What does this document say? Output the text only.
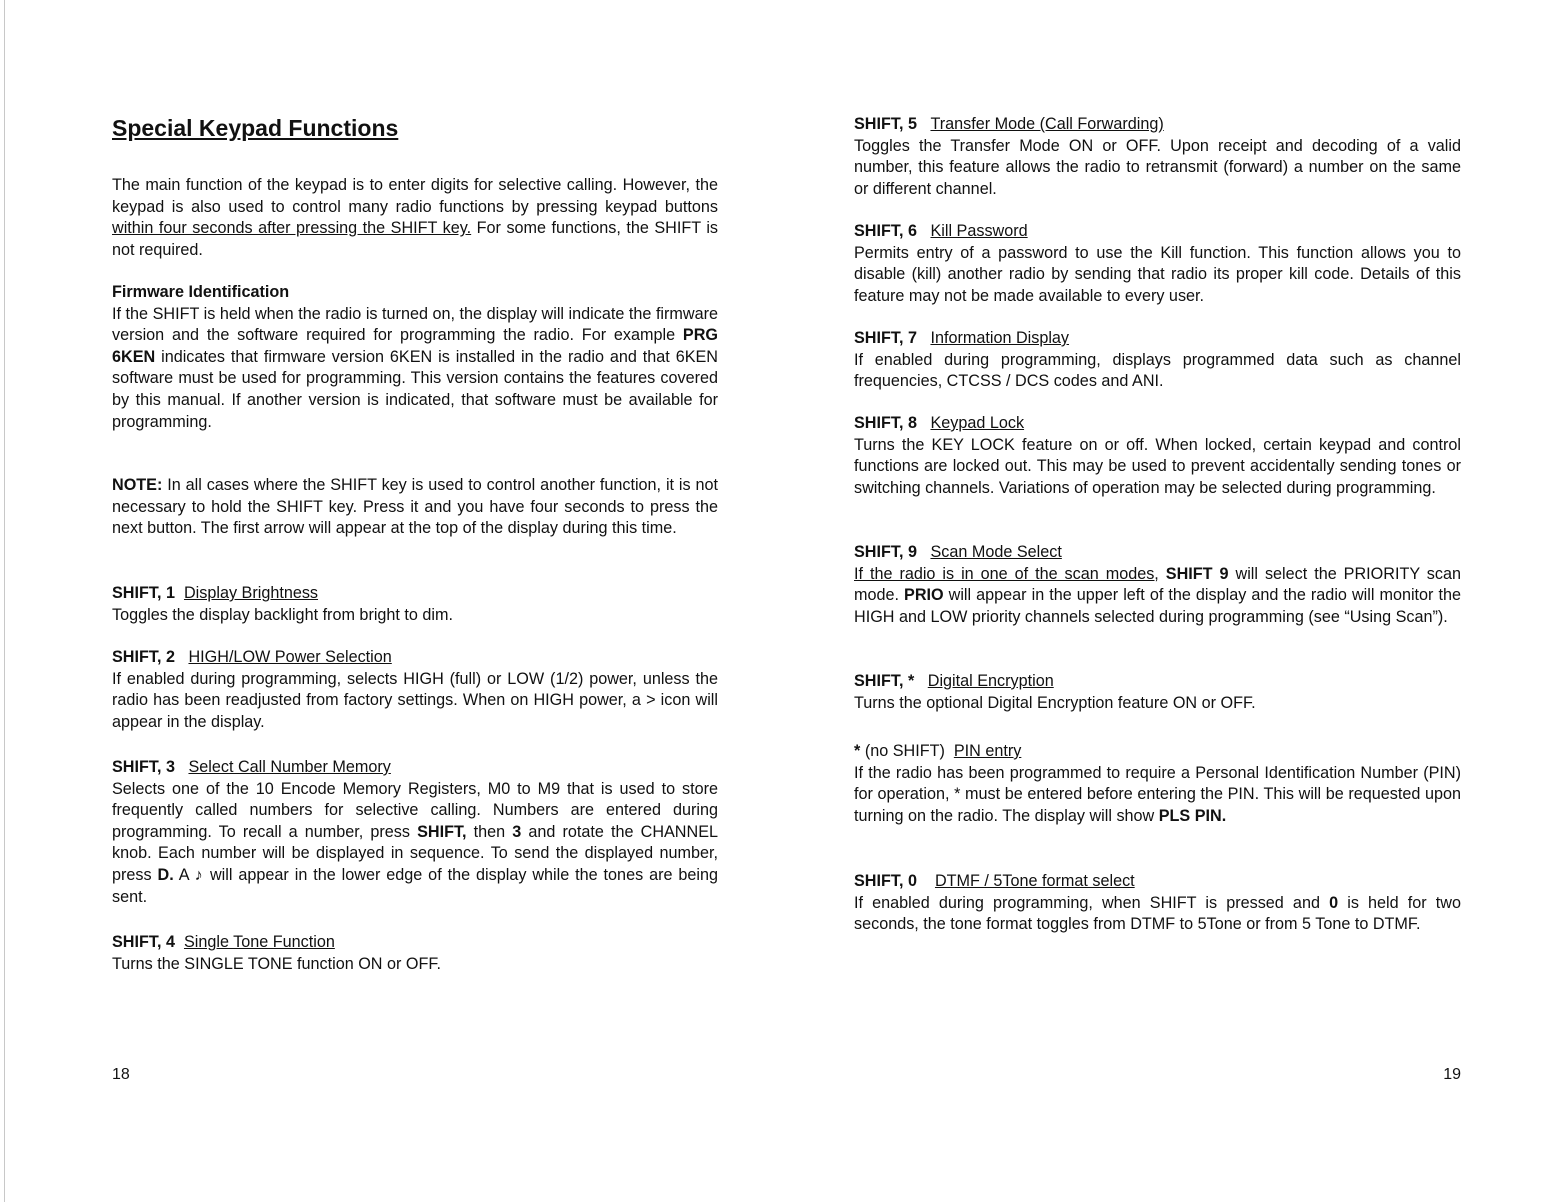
Special Keypad Functions
The main function of the keypad is to enter digits for selective calling. However, the keypad is also used to control many radio functions by pressing keypad buttons within four seconds after pressing the SHIFT key. For some functions, the SHIFT is not required.

Firmware Identification

If the SHIFT is held when the radio is turned on, the display will indicate the firmware version and the software required for programming the radio. For example PRG 6KEN indicates that firmware version 6KEN is installed in the radio and that 6KEN software must be used for programming. This version contains the features covered by this manual. If another version is indicated, that software must be available for programming.

NOTE: In all cases where the SHIFT key is used to control another function, it is not necessary to hold the SHIFT key. Press it and you have four seconds to press the next button. The first arrow will appear at the top of the display during this time.

SHIFT, 1 Display Brightness

Toggles the display backlight from bright to dim.

SHIFT, 2 HIGH/LOW Power Selection

If enabled during programming, selects HIGH (full) or LOW (1/2) power, unless the radio has been readjusted from factory settings. When on HIGH power, a > icon will appear in the display.

SHIFT, 3 Select Call Number Memory

Selects one of the 10 Encode Memory Registers, M0 to M9 that is used to store frequently called numbers for selective calling. Numbers are entered during programming. To recall a number, press SHIFT, then 3 and rotate the CHANNEL knob. Each number will be displayed in sequence. To send the displayed number, press D. A ♪ will appear in the lower edge of the display while the tones are being sent.

SHIFT, 4 Single Tone Function

Turns the SINGLE TONE function ON or OFF.

18

SHIFT, 5 Transfer Mode (Call Forwarding)

Toggles the Transfer Mode ON or OFF. Upon receipt and decoding of a valid number, this feature allows the radio to retransmit (forward) a number on the same or different channel.

SHIFT, 6 Kill Password

Permits entry of a password to use the Kill function. This function allows you to disable (kill) another radio by sending that radio its proper kill code. Details of this feature may not be made available to every user.

SHIFT, 7 Information Display

If enabled during programming, displays programmed data such as channel frequencies, CTCSS / DCS codes and ANI.

SHIFT, 8 Keypad Lock

Turns the KEY LOCK feature on or off. When locked, certain keypad and control functions are locked out. This may be used to prevent accidentally sending tones or switching channels. Variations of operation may be selected during programming.

SHIFT, 9 Scan Mode Select

If the radio is in one of the scan modes, SHIFT 9 will select the PRIORITY scan mode. PRIO will appear in the upper left of the display and the radio will monitor the HIGH and LOW priority channels selected during programming (see “Using Scan”).

SHIFT, * Digital Encryption

Turns the optional Digital Encryption feature ON or OFF.

* (no SHIFT) PIN entry

If the radio has been programmed to require a Personal Identification Number (PIN) for operation, * must be entered before entering the PIN. This will be requested upon turning on the radio. The display will show PLS PIN.

SHIFT, 0 DTMF / 5Tone format select

If enabled during programming, when SHIFT is pressed and 0 is held for two seconds, the tone format toggles from DTMF to 5Tone or from 5 Tone to DTMF.

19
